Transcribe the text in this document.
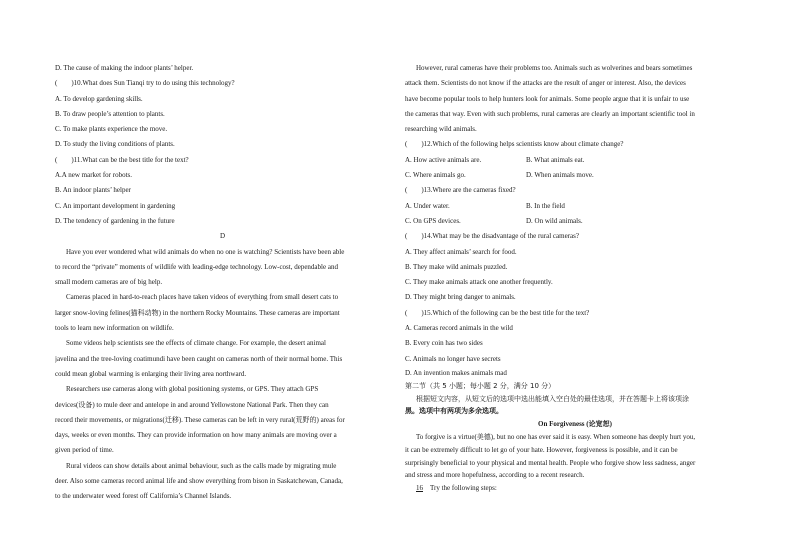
D. The cause of making the indoor plants’ helper.
(　　)10.What does Sun Tianqi try to do using this technology?
A. To develop gardening skills.
B. To draw people’s attention to plants.
C. To make plants experience the move.
D. To study the living conditions of plants.
(　　)11.What can be the best title for the text?
A.A new market for robots.
B. An indoor plants’ helper
C. An important development in gardening
D. The tendency of gardening in the future
D
Have you ever wondered what wild animals do when no one is watching? Scientists have been able
to record the “private” moments of wildlife with leading-edge technology. Low-cost, dependable and
small modern cameras are of big help.
Cameras placed in hard-to-reach places have taken videos of everything from small desert cats to
larger snow-loving felines(猫科动物) in the northern Rocky Mountains. These cameras are important
tools to learn new information on wildlife.
Some videos help scientists see the effects of climate change. For example, the desert animal
javelina and the tree-loving coatimundi have been caught on cameras north of their normal home. This
could mean global warming is enlarging their living area northward.
Researchers use cameras along with global positioning systems, or GPS. They attach GPS
devices(设备) to mule deer and antelope in and around Yellowstone National Park. Then they can
record their movements, or migrations(迁移). These cameras can be left in very rural(荒野的) areas for
days, weeks or even months. They can provide information on how many animals are moving over a
given period of time.
Rural videos can show details about animal behaviour, such as the calls made by migrating mule
deer. Also some cameras record animal life and show everything from bison in Saskatchewan, Canada,
to the underwater weed forest off California’s Channel Islands.
However, rural cameras have their problems too. Animals such as wolverines and bears sometimes
attack them. Scientists do not know if the attacks are the result of anger or interest. Also, the devices
have become popular tools to help hunters look for animals. Some people argue that it is unfair to use
the cameras that way. Even with such problems, rural cameras are clearly an important scientific tool in
researching wild animals.
(　　)12.Which of the following helps scientists know about climate change?
A. How active animals are.	B. What animals eat.
C. Where animals go.	D. When animals move.
(　　)13.Where are the cameras fixed?
A. Under water.	B. In the field
C. On GPS devices.	D. On wild animals.
(　　)14.What may be the disadvantage of the rural cameras?
A. They affect animals’ search for food.
B. They make wild animals puzzled.
C. They make animals attack one another frequently.
D. They might bring danger to animals.
(　　)15.Which of the following can be the best title for the text?
A. Cameras record animals in the wild
B. Every coin has two sides
C. Animals no longer have secrets
D. An invention makes animals mad
第二节（共 5 小题；每小题 2 分，满分 10 分）
根据短文内容，从短文后的选项中选出能填入空白处的最佳选项，并在答题卡上将该项涂
黑。选项中有两项为多余选项。
On Forgiveness (论宽恕)
To forgive is a virtue(美德), but no one has ever said it is easy. When someone has deeply hurt you,
it can be extremely difficult to let go of your hate. However, forgiveness is possible, and it can be
surprisingly beneficial to your physical and mental health. People who forgive show less sadness, anger
and stress and more hopefulness, according to a recent research.
16  Try the following steps:
